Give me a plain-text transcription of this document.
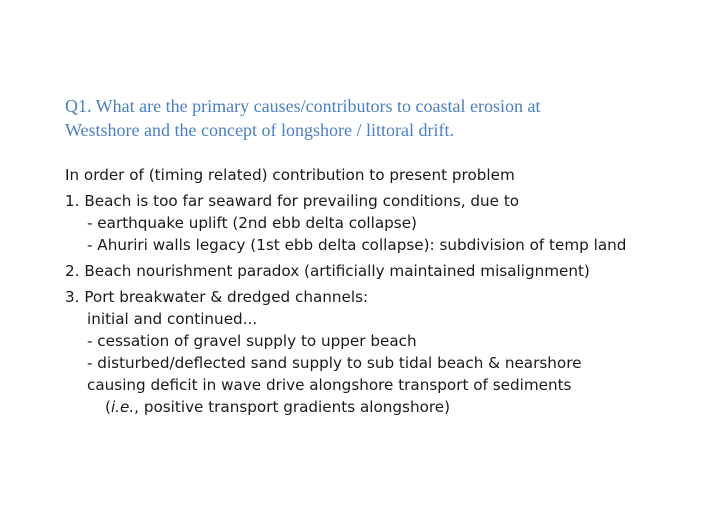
Q1. What are the primary causes/contributors to coastal erosion at
Westshore and the concept of longshore / littoral drift.
In order of (timing related) contribution to present problem
1. Beach is too far seaward for prevailing conditions, due to
- earthquake uplift (2nd ebb delta collapse)
- Ahuriri walls legacy (1st ebb delta collapse): subdivision of temp land
2. Beach nourishment paradox (artificially maintained misalignment)
3. Port breakwater & dredged channels:
initial and continued...
- cessation of gravel supply to upper beach
- disturbed/deflected sand supply to sub tidal beach & nearshore
causing deficit in wave drive alongshore transport of sediments
(i.e., positive transport gradients alongshore)
